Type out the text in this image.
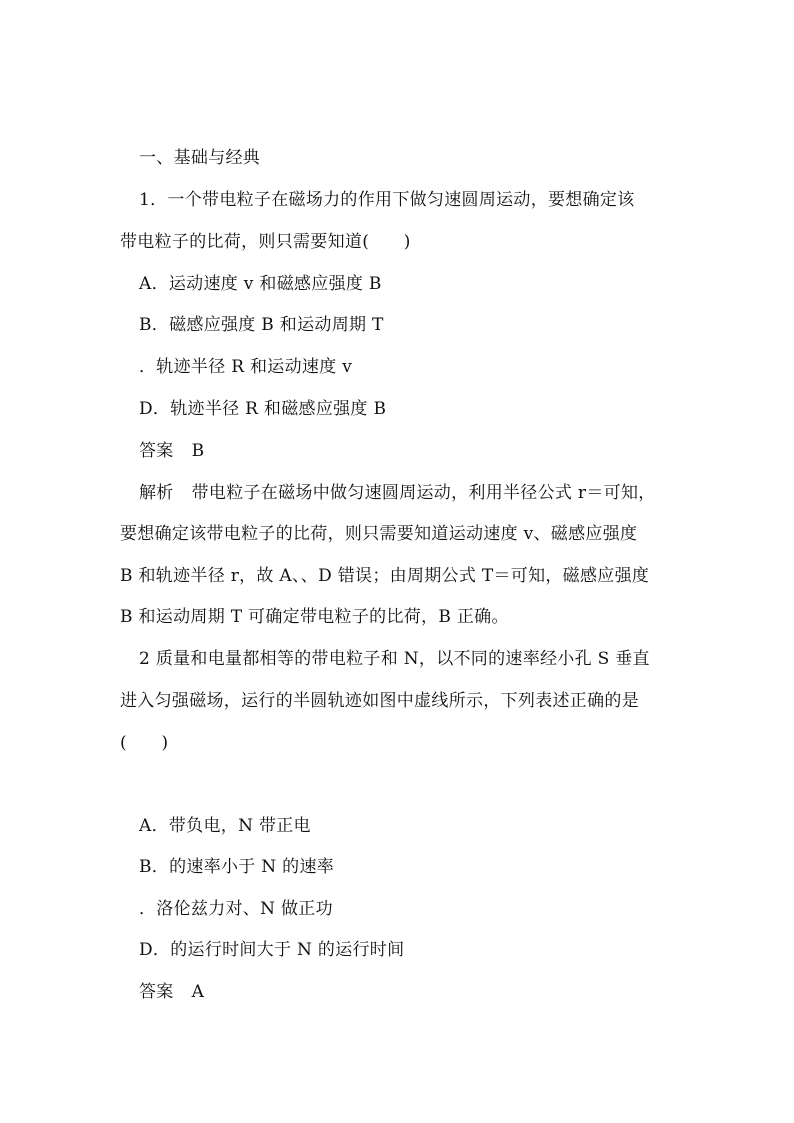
一、基础与经典
1．一个带电粒子在磁场力的作用下做匀速圆周运动，要想确定该
带电粒子的比荷，则只需要知道(　　)
A．运动速度 v 和磁感应强度 B
B．磁感应强度 B 和运动周期 T
．轨迹半径 R 和运动速度 v
D．轨迹半径 R 和磁感应强度 B
答案 B
解析 带电粒子在磁场中做匀速圆周运动，利用半径公式 r＝可知，
要想确定该带电粒子的比荷，则只需要知道运动速度 v、磁感应强度
B 和轨迹半径 r，故 A、、D 错误；由周期公式 T＝可知，磁感应强度
B 和运动周期 T 可确定带电粒子的比荷，B 正确。
2 质量和电量都相等的带电粒子和 N，以不同的速率经小孔 S 垂直
进入匀强磁场，运行的半圆轨迹如图中虚线所示，下列表述正确的是
(　　)
A．带负电，N 带正电
B．的速率小于 N 的速率
．洛伦兹力对、N 做正功
D．的运行时间大于 N 的运行时间
答案 A
